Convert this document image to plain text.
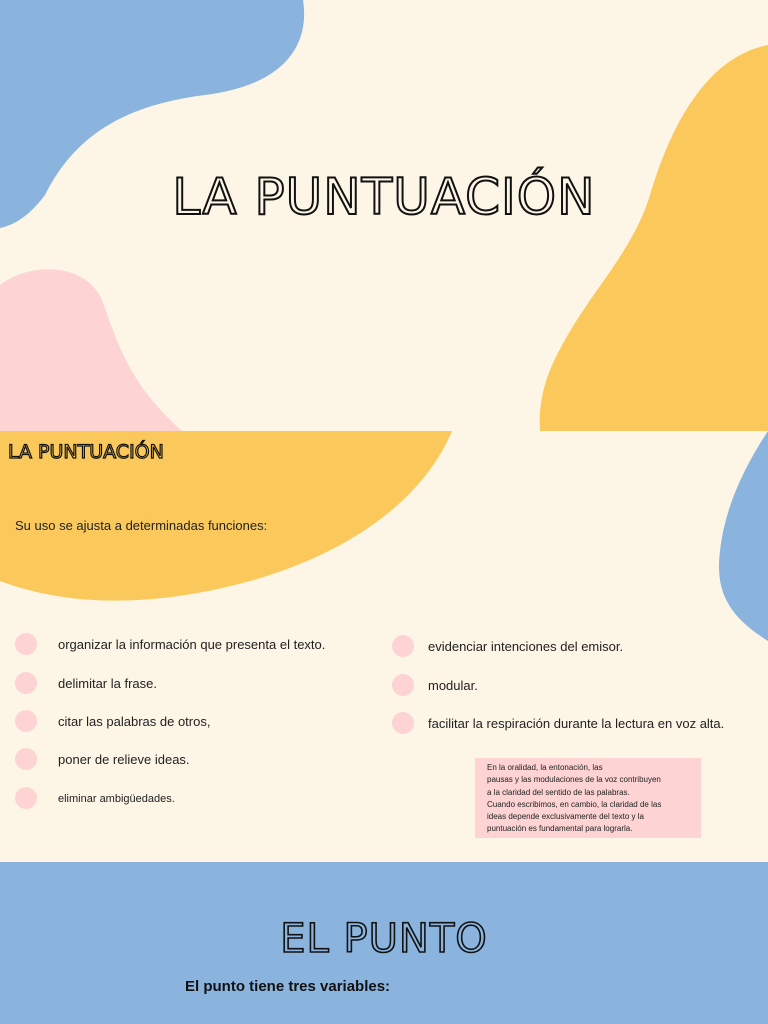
LA PUNTUACIÓN
LA PUNTUACIÓN

Su uso se ajusta a determinadas funciones:

organizar la información que presenta el texto.
delimitar la frase.
citar las palabras de otros,
poner de relieve ideas.
eliminar ambigüedades.
evidenciar intenciones del emisor.
modular.
facilitar la respiración durante la lectura en voz alta.

En la oralidad, la entonación, las
pausas y las modulaciones de la voz contribuyen
a la claridad del sentido de las palabras.
Cuando escribimos, en cambio, la claridad de las
ideas depende exclusivamente del texto y la
puntuación es fundamental para lograrla.

EL PUNTO

El punto tiene tres variables:
